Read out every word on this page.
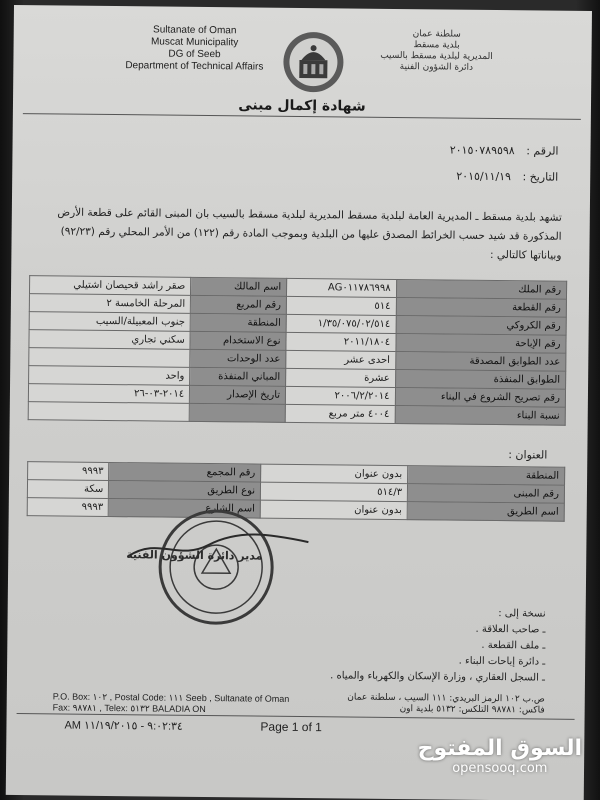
Sultanate of Oman
Muscat Municipality
DG of Seeb
Department of Technical Affairs
سلطنة عمان
بلدية مسقط
المديرية لبلدية مسقط بالسيب
دائرة الشؤون الفنية
شهادة إكمال مبنى
الرقم : ٢٠١٥٠٧٨٩٥٩٨
التاريخ : ٢٠١٥/١١/١٩
تشهد بلدية مسقط ـ المديرية العامة لبلدية مسقط المديرية لبلدية مسقط بالسيب بان المبنى القائم على قطعة الأرض
المذكورة قد شيد حسب الخرائط المصدق عليها من البلدية وبموجب المادة رقم (١٢٢) من الأمر المحلي رقم (٩٢/٢٣)
وبياناتها كالتالي :
رقم الملك	AG٠١١٧٨٦٩٩٨	اسم المالك	صقر راشد قحيصان اشتيلي
رقم القطعة	٥١٤	رقم المربع	المرحلة الخامسة ٢
رقم الكروكي	١/٣٥/٠٧٥/٠٢/٥١٤	المنطقة	جنوب المعبيلة/السيب
رقم الإباحة	٢٠١١/١٨٠٤	نوع الاستخدام	سكني تجاري
عدد الطوابق المصدقة	احدى عشر	عدد الوحدات	
الطوابق المنفذة	عشرة	المباني المنفذة	واحد
رقم تصريح الشروع في البناء	٢٠٠٦/٢/٢٠١٤	تاريخ الإصدار	٢٠١٤-٠٣-٢٦
نسبة البناء	٤٠٠٤ متر مربع		
العنوان :
المنطقة	بدون عنوان	رقم المجمع	٩٩٩٣
رقم المبنى	٥١٤/٣	نوع الطريق	سكة
اسم الطريق	بدون عنوان	اسم الشارع	٩٩٩٣
مدير دائرة الشؤون الفنية
نسخة إلى :
ـ صاحب العلاقة .
ـ ملف القطعة .
ـ دائرة إباحات البناء .
ـ السجل العقاري ، وزارة الإسكان والكهرباء والمياه .
P.O. Box: ١٠٢ , Postal Code: ١١١ Seeb , Sultanate of Oman
Fax: ٩٨٧٨١ , Telex: ٥١٣٢ BALADIA ON
ص.ب ١٠٢ الرمز البريدي: ١١١ السيب ، سلطنة عمان
فاكس: ٩٨٧٨١ التلكس: ٥١٣٢ بلدية اون
AM ٩:٠٢:٣٤ - ١١/١٩/٢٠١٥	Page 1 of 1
السوق المفتوح
opensooq.com
